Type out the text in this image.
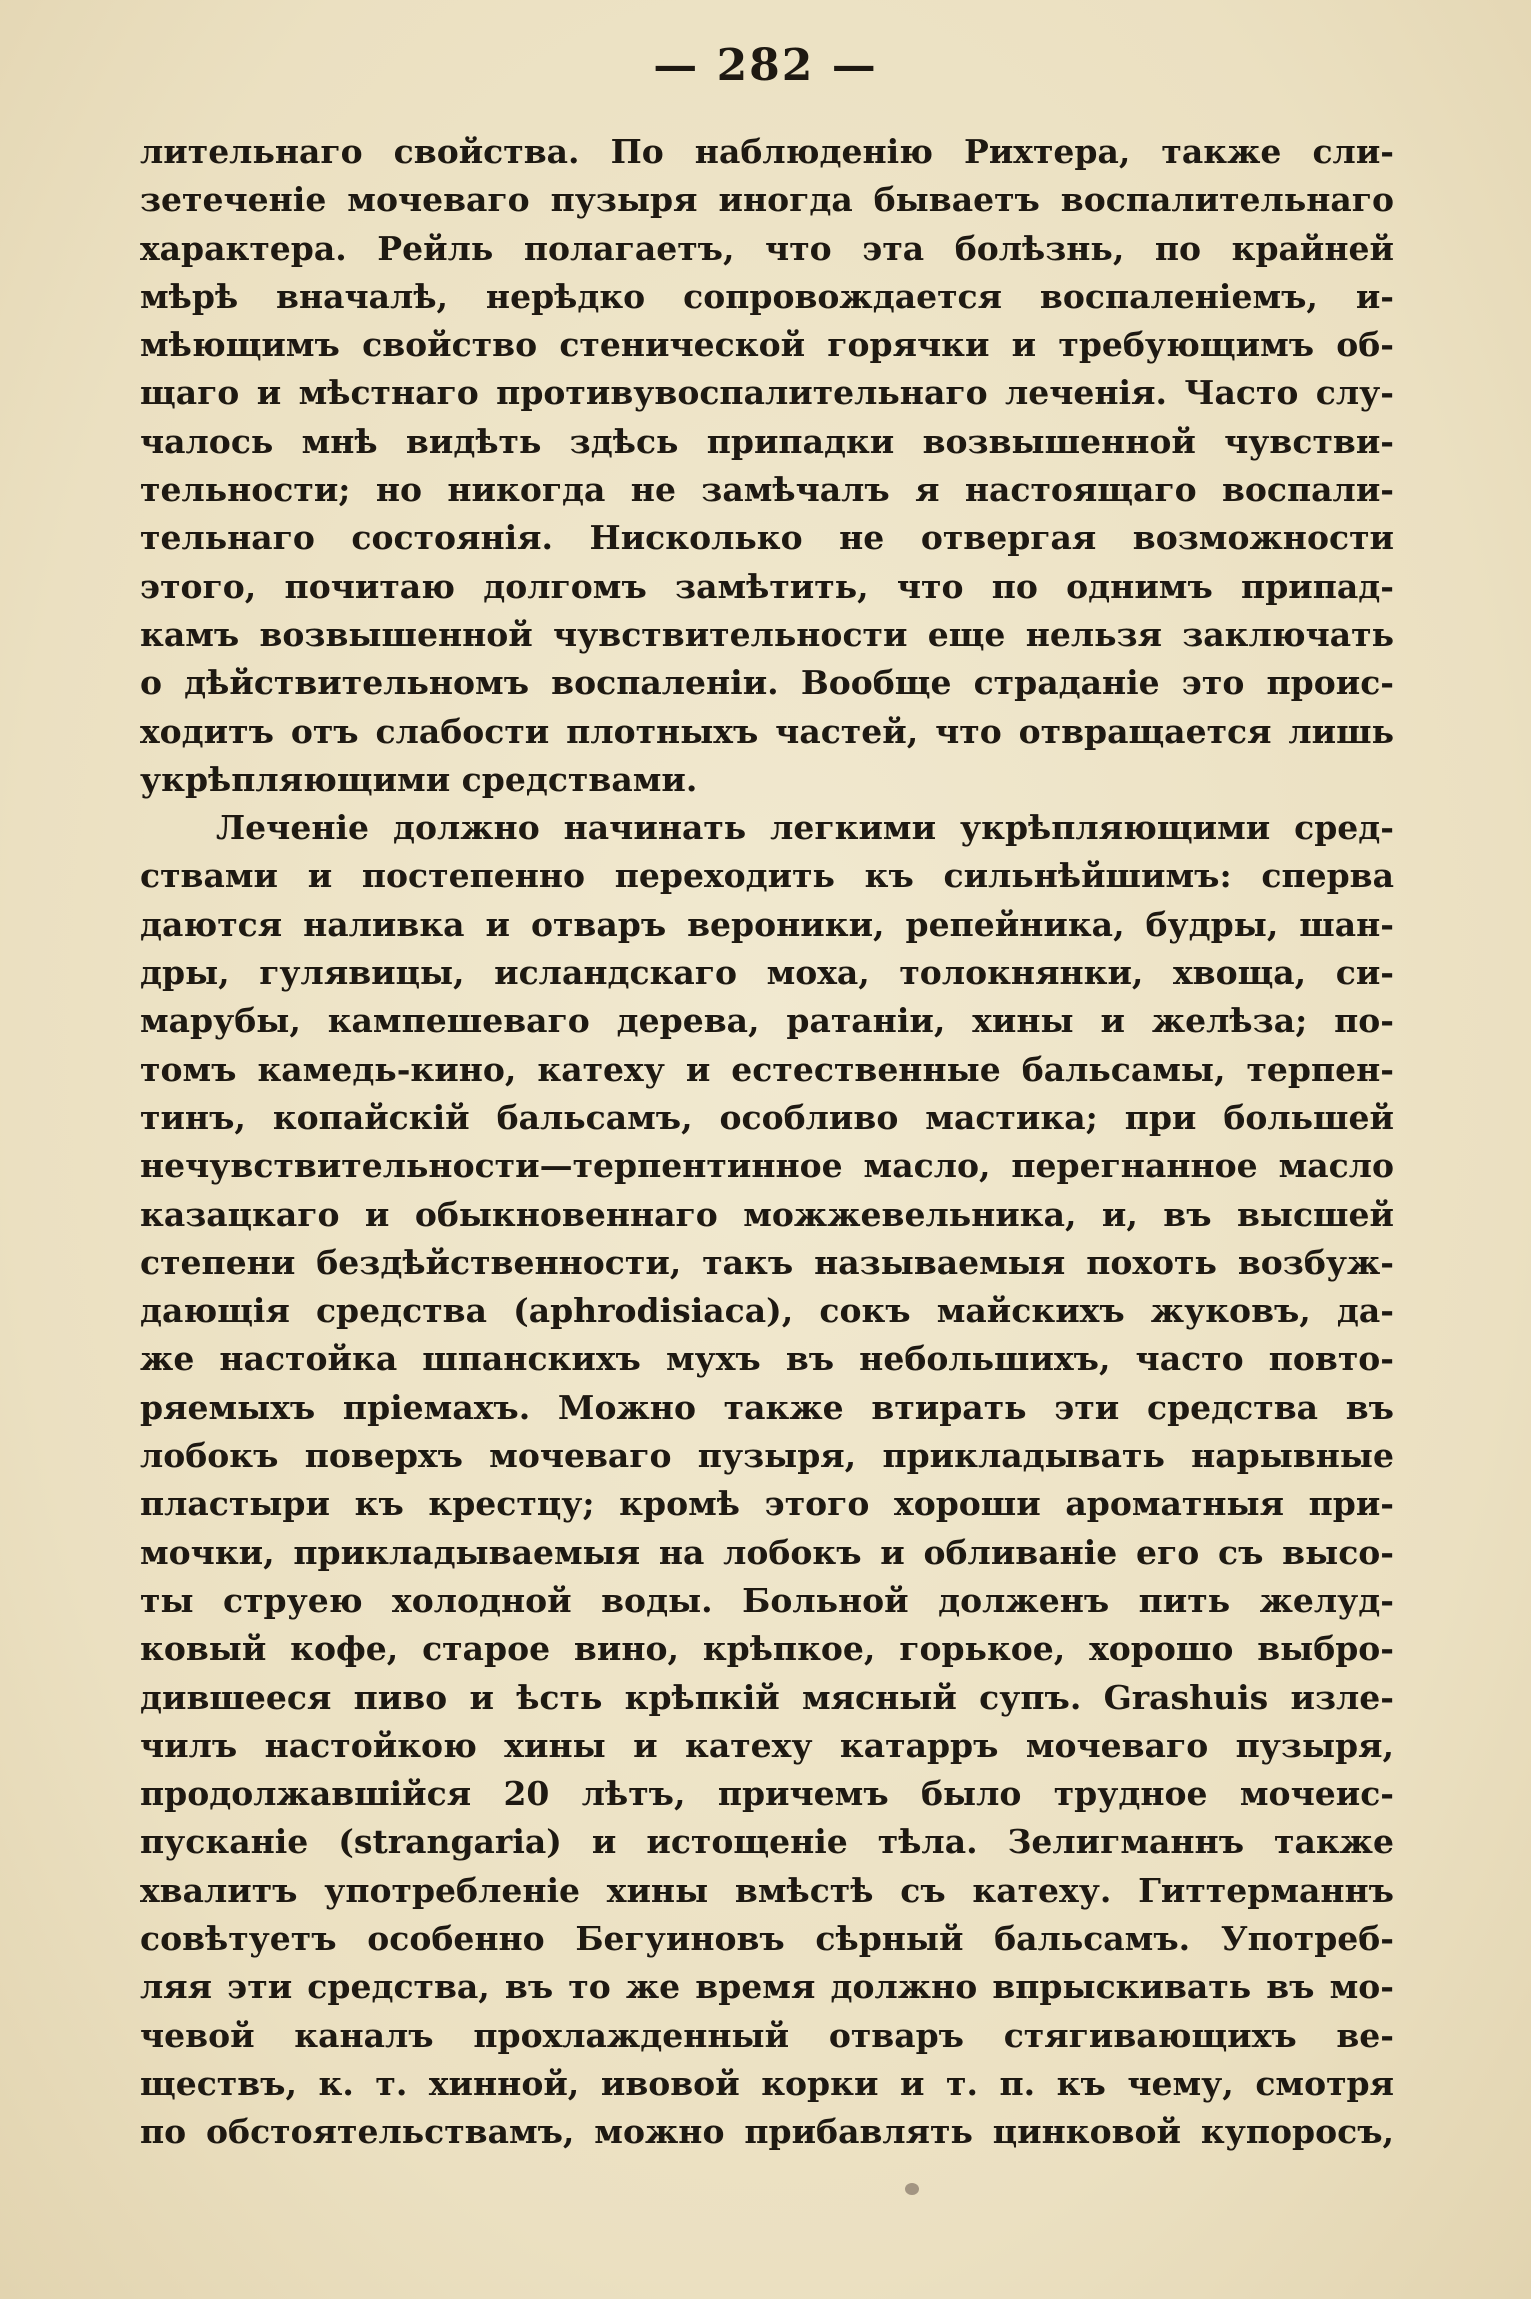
— 282 —
лительнаго свойства. По наблюденію Рихтера, также сли-
зетеченіе мочеваго пузыря иногда бываетъ воспалительнаго
характера. Рейль полагаетъ, что эта болѣзнь, по крайней
мѣрѣ вначалѣ, нерѣдко сопровождается воспаленіемъ, и-
мѣющимъ свойство стенической горячки и требующимъ об-
щаго и мѣстнаго противувоспалительнаго леченія. Часто слу-
чалось мнѣ видѣть здѣсь припадки возвышенной чувстви-
тельности; но никогда не замѣчалъ я настоящаго воспали-
тельнаго состоянія. Нисколько не отвергая возможности
этого, почитаю долгомъ замѣтить, что по однимъ припад-
камъ возвышенной чувствительности еще нельзя заключать
о дѣйствительномъ воспаленіи. Вообще страданіе это проис-
ходитъ отъ слабости плотныхъ частей, что отвращается лишь
укрѣпляющими средствами.
Леченіе должно начинать легкими укрѣпляющими сред-
ствами и постепенно переходить къ сильнѣйшимъ: сперва
даются наливка и отваръ вероники, репейника, будры, шан-
дры, гулявицы, исландскаго моха, толокнянки, хвоща, си-
марубы, кампешеваго дерева, ратаніи, хины и желѣза; по-
томъ камедь-кино, катеху и естественные бальсамы, терпен-
тинъ, копайскій бальсамъ, особливо мастика; при большей
нечувствительности—терпентинное масло, перегнанное масло
казацкаго и обыкновеннаго можжевельника, и, въ высшей
степени бездѣйственности, такъ называемыя похоть возбуж-
дающія средства (aphrodisiaca), сокъ майскихъ жуковъ, да-
же настойка шпанскихъ мухъ въ небольшихъ, часто повто-
ряемыхъ пріемахъ. Можно также втирать эти средства въ
лобокъ поверхъ мочеваго пузыря, прикладывать нарывные
пластыри къ крестцу; кромѣ этого хороши ароматныя при-
мочки, прикладываемыя на лобокъ и обливаніе его съ высо-
ты струею холодной воды. Больной долженъ пить желуд-
ковый кофе, старое вино, крѣпкое, горькое, хорошо выбро-
дившееся пиво и ѣсть крѣпкій мясный супъ. Grashuis изле-
чилъ настойкою хины и катеху катарръ мочеваго пузыря,
продолжавшійся 20 лѣтъ, причемъ было трудное мочеис-
пусканіе (strangaria) и истощеніе тѣла. Зелигманнъ также
хвалитъ употребленіе хины вмѣстѣ съ катеху. Гиттерманнъ
совѣтуетъ особенно Бегуиновъ сѣрный бальсамъ. Употреб-
ляя эти средства, въ то же время должно впрыскивать въ мо-
чевой каналъ прохлажденный отваръ стягивающихъ ве-
ществъ, к. т. хинной, ивовой корки и т. п. къ чему, смотря
по обстоятельствамъ, можно прибавлять цинковой купоросъ,
